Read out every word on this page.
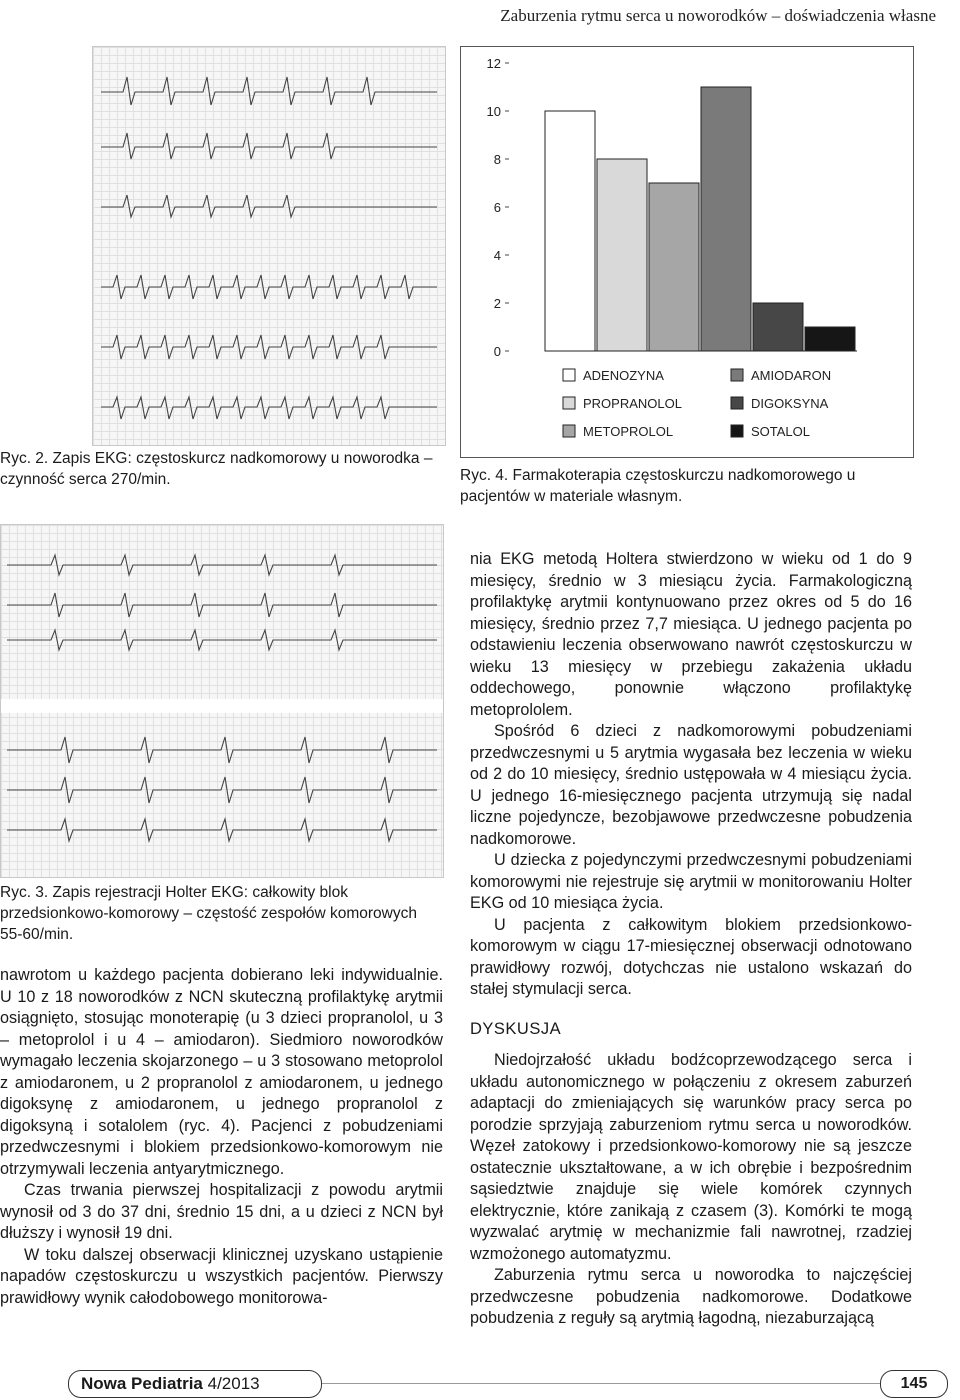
Zaburzenia rytmu serca u noworodków – doświadczenia własne
Ryc. 2. Zapis EKG: częstoskurcz nadkomorowy u noworodka – czynność serca 270/min.
0
2
4
6
8
10
12
ADENOZYNA
PROPRANOLOL
METOPROLOL
AMIODARON
DIGOKSYNA
SOTALOL
Ryc. 4. Farmakoterapia częstoskurczu nadkomorowego u pacjentów w materiale własnym.
Ryc. 3. Zapis rejestracji Holter EKG: całkowity blok przedsionkowo-komorowy – częstość zespołów komorowych 55-60/min.

nawrotom u każdego pacjenta dobierano leki indywidualnie. U 10 z 18 noworodków z NCN skuteczną profilaktykę arytmii osiągnięto, stosując monoterapię (u 3 dzieci propranolol, u 3 – metoprolol i u 4 – amiodaron). Siedmioro noworodków wymagało leczenia skojarzonego – u 3 stosowano metoprolol z amiodaronem, u 2 propranolol z amiodaronem, u jednego digoksynę z amiodaronem, u jednego propranolol z digoksyną i sotalolem (ryc. 4). Pacjenci z pobudzeniami przedwczesnymi i blokiem przedsionkowo-komorowym nie otrzymywali leczenia antyarytmicznego.

Czas trwania pierwszej hospitalizacji z powodu arytmii wynosił od 3 do 37 dni, średnio 15 dni, a u dzieci z NCN był dłuższy i wynosił 19 dni.

W toku dalszej obserwacji klinicznej uzyskano ustąpienie napadów częstoskurczu u wszystkich pacjentów. Pierwszy prawidłowy wynik całodobowego monitorowa-

nia EKG metodą Holtera stwierdzono w wieku od 1 do 9 miesięcy, średnio w 3 miesiącu życia. Farmakologiczną profilaktykę arytmii kontynuowano przez okres od 5 do 16 miesięcy, średnio przez 7,7 miesiąca. U jednego pacjenta po odstawieniu leczenia obserwowano nawrót częstoskurczu w wieku 13 miesięcy w przebiegu zakażenia układu oddechowego, ponownie włączono profilaktykę metoprololem.

Spośród 6 dzieci z nadkomorowymi pobudzeniami przedwczesnymi u 5 arytmia wygasała bez leczenia w wieku od 2 do 10 miesięcy, średnio ustępowała w 4 miesiącu życia. U jednego 16-miesięcznego pacjenta utrzymują się nadal liczne pojedyncze, bezobjawowe przedwczesne pobudzenia nadkomorowe.

U dziecka z pojedynczymi przedwczesnymi pobudzeniami komorowymi nie rejestruje się arytmii w monitorowaniu Holter EKG od 10 miesiąca życia.

U pacjenta z całkowitym blokiem przedsionkowo-komorowym w ciągu 17-miesięcznej obserwacji odnotowano prawidłowy rozwój, dotychczas nie ustalono wskazań do stałej stymulacji serca.

DYSKUSJA

Niedojrzałość układu bodźcoprzewodzącego serca i układu autonomicznego w połączeniu z okresem zaburzeń adaptacji do zmieniających się warunków pracy serca po porodzie sprzyjają zaburzeniom rytmu serca u noworodków. Węzeł zatokowy i przedsionkowo-komorowy nie są jeszcze ostatecznie ukształtowane, a w ich obrębie i bezpośrednim sąsiedztwie znajduje się wiele komórek czynnych elektrycznie, które zanikają z czasem (3). Komórki te mogą wyzwalać arytmię w mechanizmie fali nawrotnej, rzadziej wzmożonego automatyzmu.

Zaburzenia rytmu serca u noworodka to najczęściej przedwczesne pobudzenia nadkomorowe. Dodatkowe pobudzenia z reguły są arytmią łagodną, niezaburzającą

Nowa Pediatria 4/2013	145
